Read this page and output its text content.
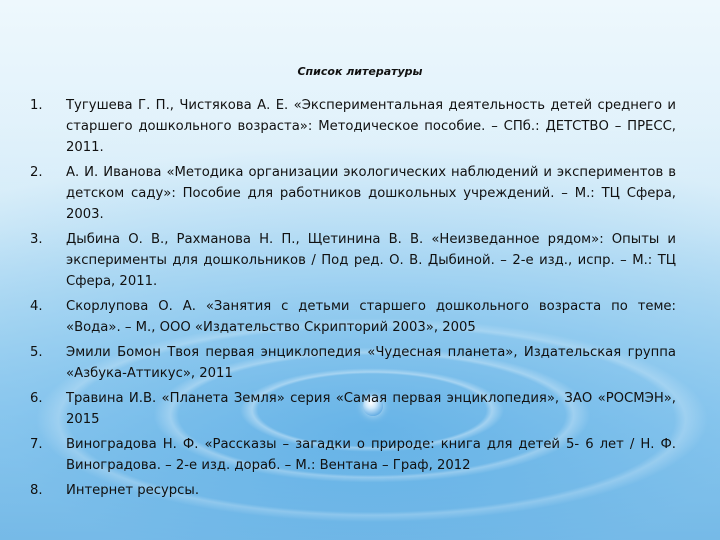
Список литературы
1.	Тугушева Г. П., Чистякова А. Е. «Экспериментальная деятельность детей среднего и старшего дошкольного возраста»: Методическое пособие. – СПб.: ДЕТСТВО – ПРЕСС, 2011.
2.	А. И. Иванова «Методика организации экологических наблюдений и экспериментов в детском саду»: Пособие для работников дошкольных учреждений. – М.: ТЦ Сфера, 2003.
3.	Дыбина О. В., Рахманова Н. П., Щетинина В. В. «Неизведанное рядом»: Опыты и эксперименты для дошкольников / Под ред. О. В. Дыбиной. – 2-е изд., испр. – М.: ТЦ Сфера, 2011.
4.	Скорлупова О. А. «Занятия с детьми старшего дошкольного возраста по теме: «Вода». – М., ООО «Издательство Скрипторий 2003», 2005
5.	Эмили Бомон Твоя первая энциклопедия «Чудесная планета», Издательская группа «Азбука-Аттикус», 2011
6.	Травина И.В. «Планета Земля» серия «Самая первая энциклопедия», ЗАО «РОСМЭН», 2015
7.	Виноградова Н. Ф. «Рассказы – загадки о природе: книга для детей 5- 6 лет / Н. Ф. Виноградова. – 2-е изд. дораб. – М.: Вентана – Граф, 2012
8.	Интернет ресурсы.
